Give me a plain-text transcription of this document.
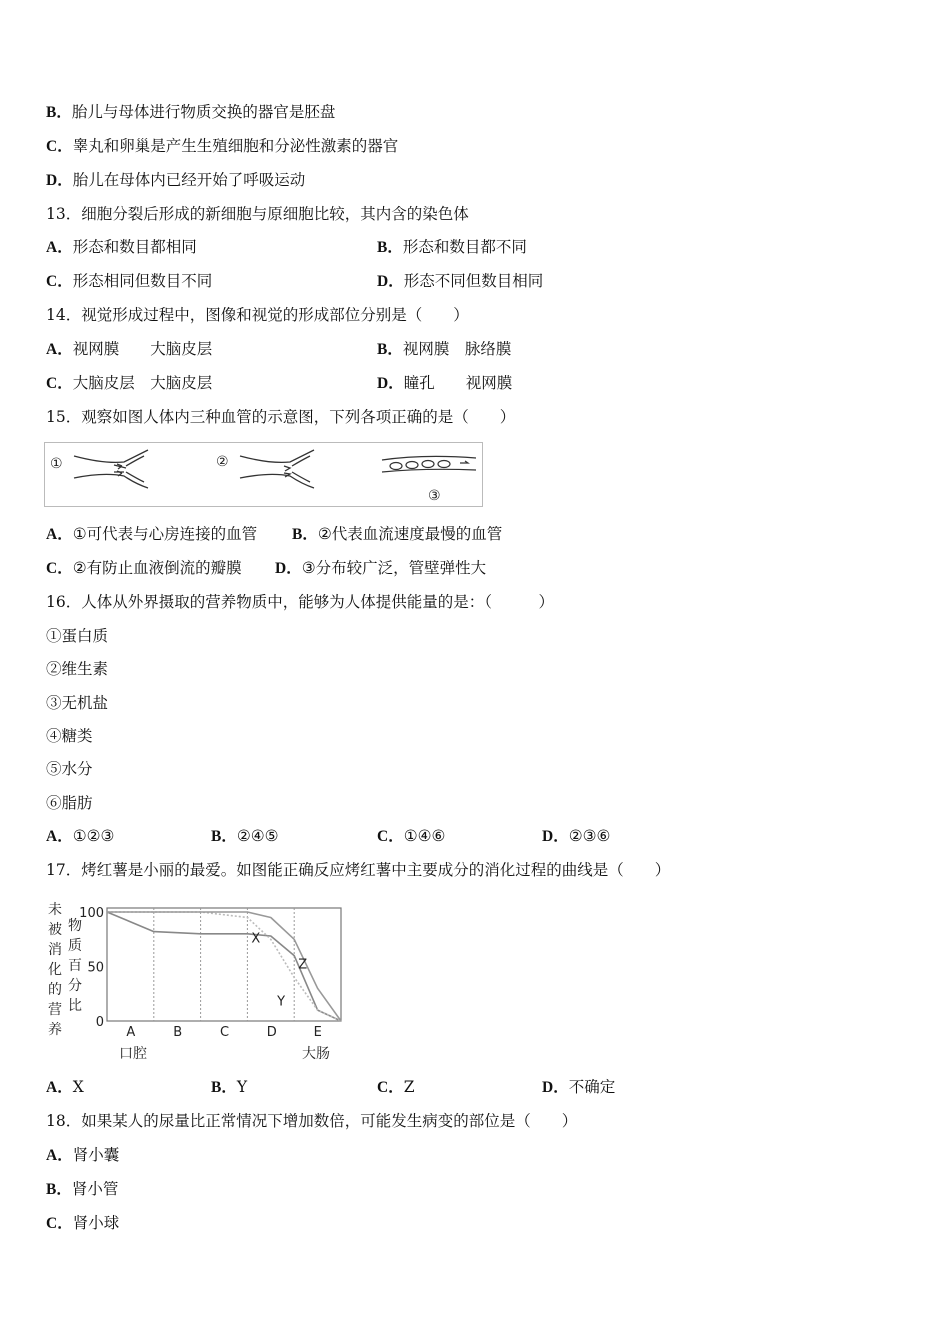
B．胎儿与母体进行物质交换的器官是胚盘
C．睾丸和卵巢是产生生殖细胞和分泌性激素的器官
D．胎儿在母体内已经开始了呼吸运动
13．细胞分裂后形成的新细胞与原细胞比较，其内含的染色体
A．形态和数目都相同	B．形态和数目都不同
C．形态相同但数目不同	D．形态不同但数目相同
14．视觉形成过程中，图像和视觉的形成部位分别是（　　）
A．视网膜　　大脑皮层	B．视网膜　脉络膜
C．大脑皮层　大脑皮层	D．瞳孔　　视网膜
15．观察如图人体内三种血管的示意图，下列各项正确的是（　　）
①	②
③
A．①可代表与心房连接的血管 B．②代表血流速度最慢的血管
C．②有防止血液倒流的瓣膜 D．③分布较广泛，管壁弹性大
16．人体从外界摄取的营养物质中，能够为人体提供能量的是：（　　　）
①蛋白质
②维生素
③无机盐
④糖类
⑤水分
⑥脂肪
A．①②③	B．②④⑤	C．①④⑥	D．②③⑥
17．烤红薯是小丽的最爱。如图能正确反应烤红薯中主要成分的消化过程的曲线是（　　）
未
被
消
化
的
营
养
物
质
百
分
比
100
50
0
X
Y
Z
A	B	C	D	E
口腔	大肠
A．X	B．Y	C．Z	D．不确定
18．如果某人的尿量比正常情况下增加数倍，可能发生病变的部位是（　　）
A．肾小囊
B．肾小管
C．肾小球
